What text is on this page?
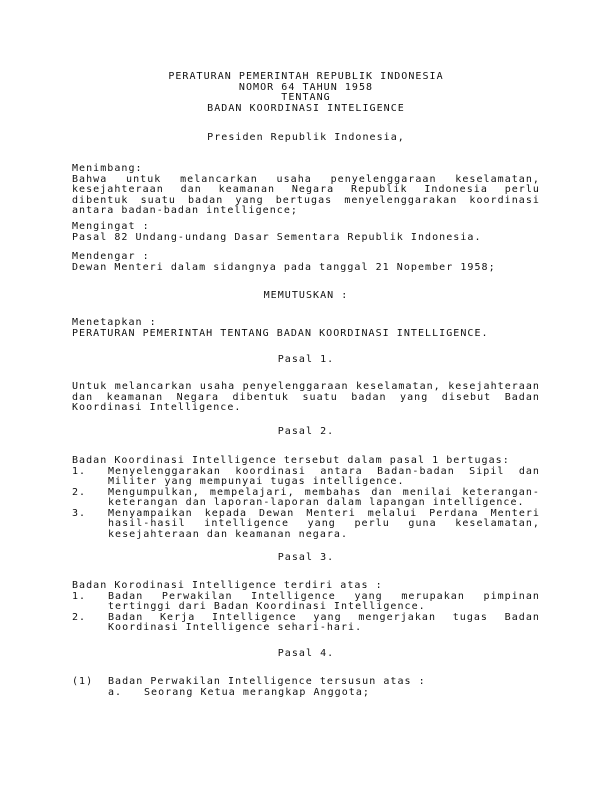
PERATURAN PEMERINTAH REPUBLIK INDONESIA
NOMOR 64 TAHUN 1958
TENTANG
BADAN KOORDINASI INTELIGENCE
Presiden Republik Indonesia,
Menimbang:
Bahwa untuk melancarkan usaha penyelenggaraan keselamatan,
kesejahteraan dan keamanan Negara Republik Indonesia perlu
dibentuk suatu badan yang bertugas menyelenggarakan koordinasi
antara badan-badan intelligence;
Mengingat :
Pasal 82 Undang-undang Dasar Sementara Republik Indonesia.
Mendengar :
Dewan Menteri dalam sidangnya pada tanggal 21 Nopember 1958;
MEMUTUSKAN :
Menetapkan :
PERATURAN PEMERINTAH TENTANG BADAN KOORDINASI INTELLIGENCE.
Pasal 1.
Untuk melancarkan usaha penyelenggaraan keselamatan, kesejahteraan
dan keamanan Negara dibentuk suatu badan yang disebut Badan
Koordinasi Intelligence.
Pasal 2.
Badan Koordinasi Intelligence tersebut dalam pasal 1 bertugas:
1. Menyelenggarakan koordinasi antara Badan-badan Sipil dan
Militer yang mempunyai tugas intelligence.
2. Mengumpulkan, mempelajari, membahas dan menilai keterangan-
keterangan dan laporan-laporan dalam lapangan intelligence.
3. Menyampaikan kepada Dewan Menteri melalui Perdana Menteri
hasil-hasil intelligence yang perlu guna keselamatan,
kesejahteraan dan keamanan negara.
Pasal 3.
Badan Korodinasi Intelligence terdiri atas :
1. Badan Perwakilan Intelligence yang merupakan pimpinan
tertinggi dari Badan Koordinasi Intelligence.
2. Badan Kerja Intelligence yang mengerjakan tugas Badan
Koordinasi Intelligence sehari-hari.
Pasal 4.
(1) Badan Perwakilan Intelligence tersusun atas :
a. Seorang Ketua merangkap Anggota;
